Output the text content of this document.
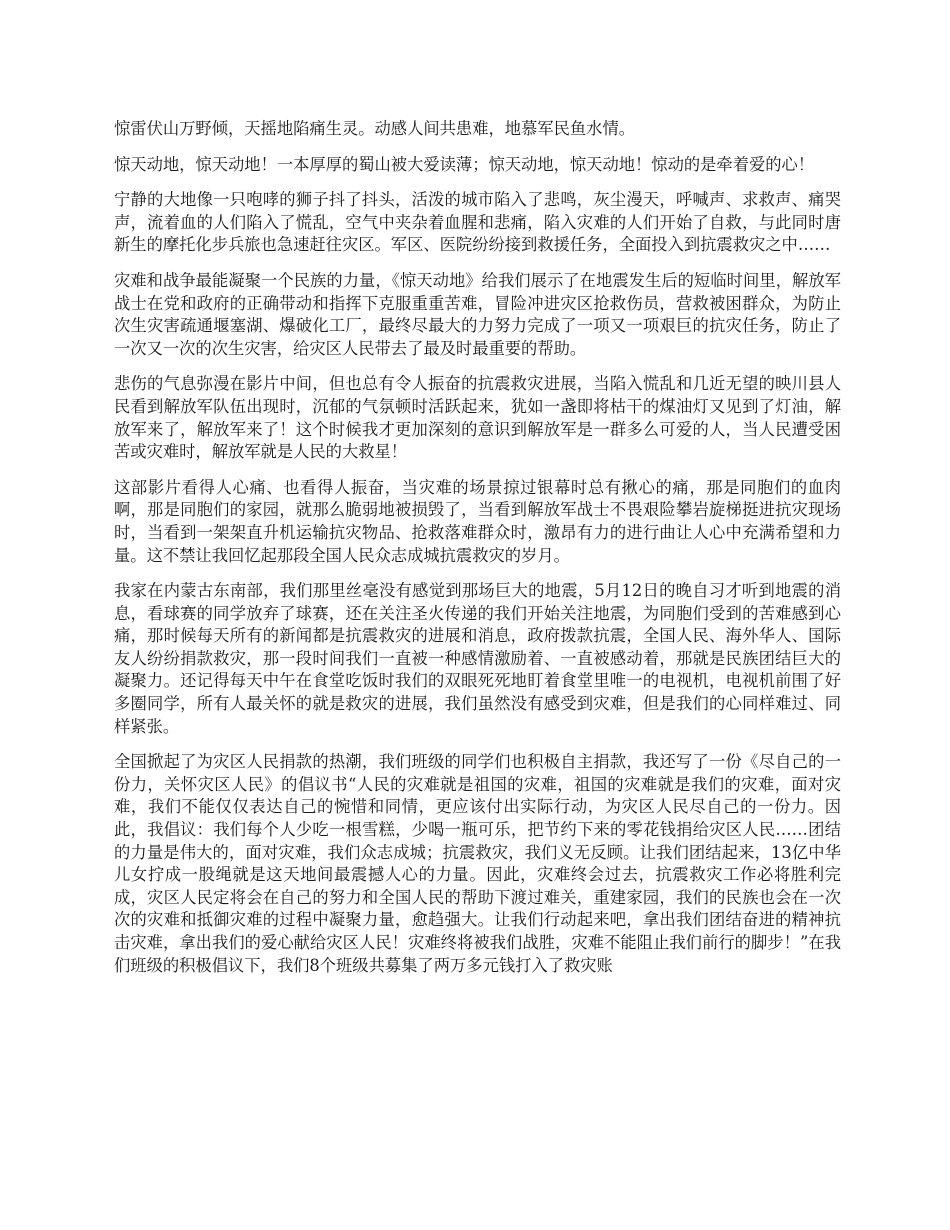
惊雷伏山万野倾，天摇地陷痛生灵。动感人间共患难，地慕军民鱼水情。

惊天动地，惊天动地！一本厚厚的蜀山被大爱读薄；惊天动地，惊天动地！惊动的是牵着爱的心！

宁静的大地像一只咆哮的狮子抖了抖头，活泼的城市陷入了悲鸣，灰尘漫天，呼喊声、求救声、痛哭声，流着血的人们陷入了慌乱，空气中夹杂着血腥和悲痛，陷入灾难的人们开始了自救，与此同时唐新生的摩托化步兵旅也急速赶往灾区。军区、医院纷纷接到救援任务，全面投入到抗震救灾之中……

灾难和战争最能凝聚一个民族的力量，《惊天动地》给我们展示了在地震发生后的短临时间里，解放军战士在党和政府的正确带动和指挥下克服重重苦难，冒险冲进灾区抢救伤员，营救被困群众，为防止次生灾害疏通堰塞湖、爆破化工厂，最终尽最大的力努力完成了一项又一项艰巨的抗灾任务，防止了一次又一次的次生灾害，给灾区人民带去了最及时最重要的帮助。

悲伤的气息弥漫在影片中间，但也总有令人振奋的抗震救灾进展，当陷入慌乱和几近无望的映川县人民看到解放军队伍出现时，沉郁的气氛顿时活跃起来，犹如一盏即将枯干的煤油灯又见到了灯油，解放军来了，解放军来了！这个时候我才更加深刻的意识到解放军是一群多么可爱的人，当人民遭受困苦或灾难时，解放军就是人民的大救星！

这部影片看得人心痛、也看得人振奋，当灾难的场景掠过银幕时总有揪心的痛，那是同胞们的血肉啊，那是同胞们的家园，就那么脆弱地被损毁了，当看到解放军战士不畏艰险攀岩旋梯挺进抗灾现场时，当看到一架架直升机运输抗灾物品、抢救落难群众时，激昂有力的进行曲让人心中充满希望和力量。这不禁让我回忆起那段全国人民众志成城抗震救灾的岁月。

我家在内蒙古东南部，我们那里丝毫没有感觉到那场巨大的地震，5月12日的晚自习才听到地震的消息，看球赛的同学放弃了球赛，还在关注圣火传递的我们开始关注地震，为同胞们受到的苦难感到心痛，那时候每天所有的新闻都是抗震救灾的进展和消息，政府拨款抗震，全国人民、海外华人、国际友人纷纷捐款救灾，那一段时间我们一直被一种感情激励着、一直被感动着，那就是民族团结巨大的凝聚力。还记得每天中午在食堂吃饭时我们的双眼死死地盯着食堂里唯一的电视机，电视机前围了好多圈同学，所有人最关怀的就是救灾的进展，我们虽然没有感受到灾难，但是我们的心同样难过、同样紧张。

全国掀起了为灾区人民捐款的热潮，我们班级的同学们也积极自主捐款，我还写了一份《尽自己的一份力，关怀灾区人民》的倡议书“人民的灾难就是祖国的灾难，祖国的灾难就是我们的灾难，面对灾难，我们不能仅仅表达自己的惋惜和同情，更应该付出实际行动，为灾区人民尽自己的一份力。因此，我倡议：我们每个人少吃一根雪糕，少喝一瓶可乐，把节约下来的零花钱捐给灾区人民……团结的力量是伟大的，面对灾难，我们众志成城；抗震救灾，我们义无反顾。让我们团结起来，13亿中华儿女拧成一股绳就是这天地间最震撼人心的力量。因此，灾难终会过去，抗震救灾工作必将胜利完成，灾区人民定将会在自己的努力和全国人民的帮助下渡过难关，重建家园，我们的民族也会在一次次的灾难和抵御灾难的过程中凝聚力量，愈趋强大。让我们行动起来吧，拿出我们团结奋进的精神抗击灾难，拿出我们的爱心献给灾区人民！灾难终将被我们战胜，灾难不能阻止我们前行的脚步！”在我们班级的积极倡议下，我们8个班级共募集了两万多元钱打入了救灾账
